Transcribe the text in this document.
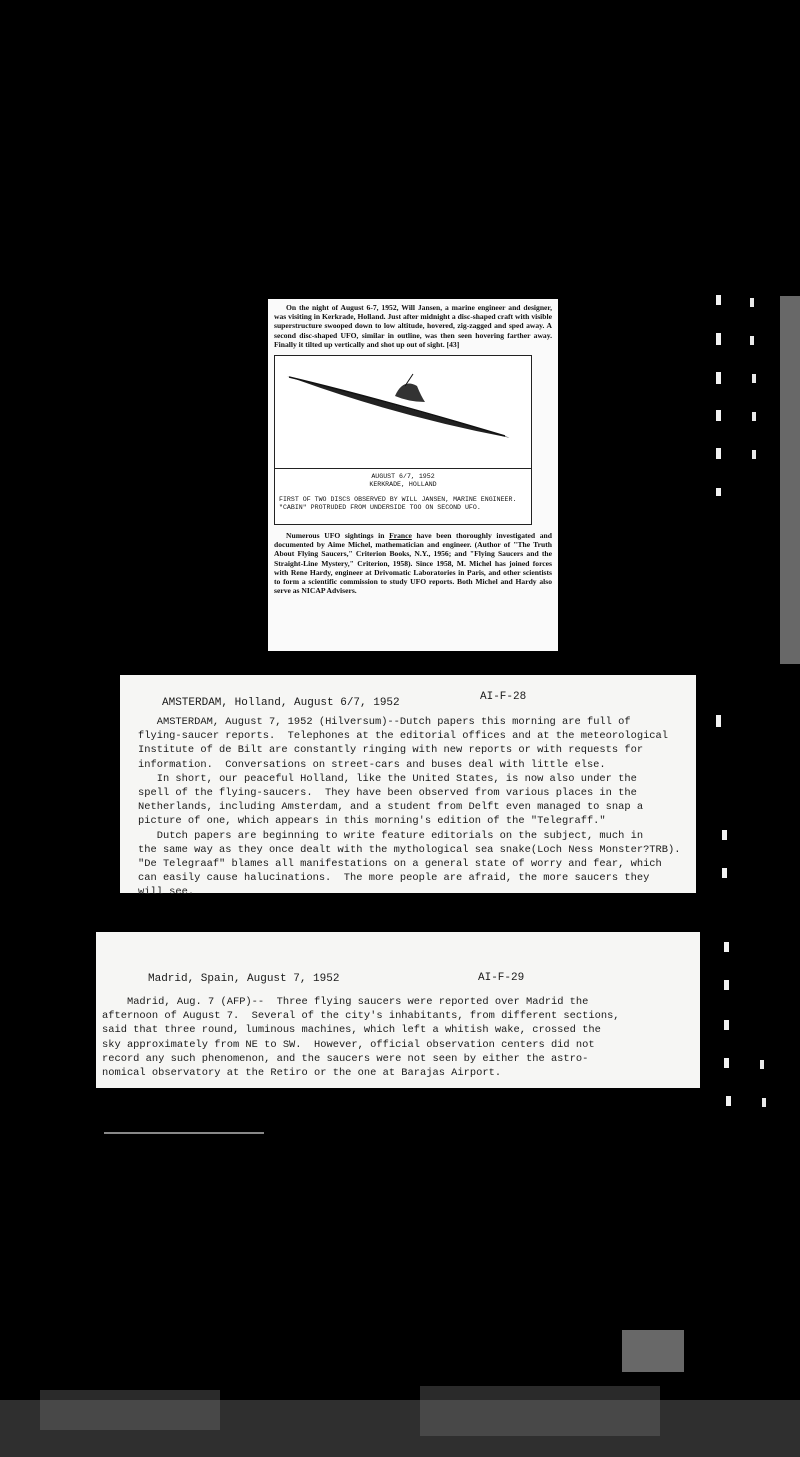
On the night of August 6-7, 1952, Will Jansen, a marine engineer and designer, was visiting in Kerkrade, Holland. Just after midnight a disc-shaped craft with visible superstructure swooped down to low altitude, hovered, zig-zagged and sped away. A second disc-shaped UFO, similar in outline, was then seen hovering farther away. Finally it tilted up vertically and shot up out of sight. [43]

AUGUST 6/7, 1952
KERKRADE, HOLLAND
FIRST OF TWO DISCS OBSERVED BY WILL JANSEN, MARINE ENGINEER. "CABIN" PROTRUDED FROM UNDERSIDE TOO ON SECOND UFO.

Numerous UFO sightings in France have been thoroughly investigated and documented by Aime Michel, mathematician and engineer. (Author of "The Truth About Flying Saucers," Criterion Books, N.Y., 1956; and "Flying Saucers and the Straight-Line Mystery," Criterion, 1958). Since 1958, M. Michel has joined forces with Rene Hardy, engineer at Drivomatic Laboratories in Paris, and other scientists to form a scientific commission to study UFO reports. Both Michel and Hardy also serve as NICAP Advisers.

AMSTERDAM, Holland, August 6/7, 1952	AI-F-28
AMSTERDAM, August 7, 1952 (Hilversum)--Dutch papers this morning are full of
flying-saucer reports.  Telephones at the editorial offices and at the meteorological
Institute of de Bilt are constantly ringing with new reports or with requests for
information.  Conversations on street-cars and buses deal with little else.
In short, our peaceful Holland, like the United States, is now also under the
spell of the flying-saucers.  They have been observed from various places in the
Netherlands, including Amsterdam, and a student from Delft even managed to snap a
picture of one, which appears in this morning's edition of the "Telegraff."
Dutch papers are beginning to write feature editorials on the subject, much in
the same way as they once dealt with the mythological sea snake(Loch Ness Monster?TRB).
"De Telegraaf" blames all manifestations on a general state of worry and fear, which
can easily cause halucinations.  The more people are afraid, the more saucers they
will see.
Madrid, Spain, August 7, 1952	AI-F-29
Madrid, Aug. 7 (AFP)--  Three flying saucers were reported over Madrid the
afternoon of August 7.  Several of the city's inhabitants, from different sections,
said that three round, luminous machines, which left a whitish wake, crossed the
sky approximately from NE to SW.  However, official observation centers did not
record any such phenomenon, and the saucers were not seen by either the astro-
nomical observatory at the Retiro or the one at Barajas Airport.
